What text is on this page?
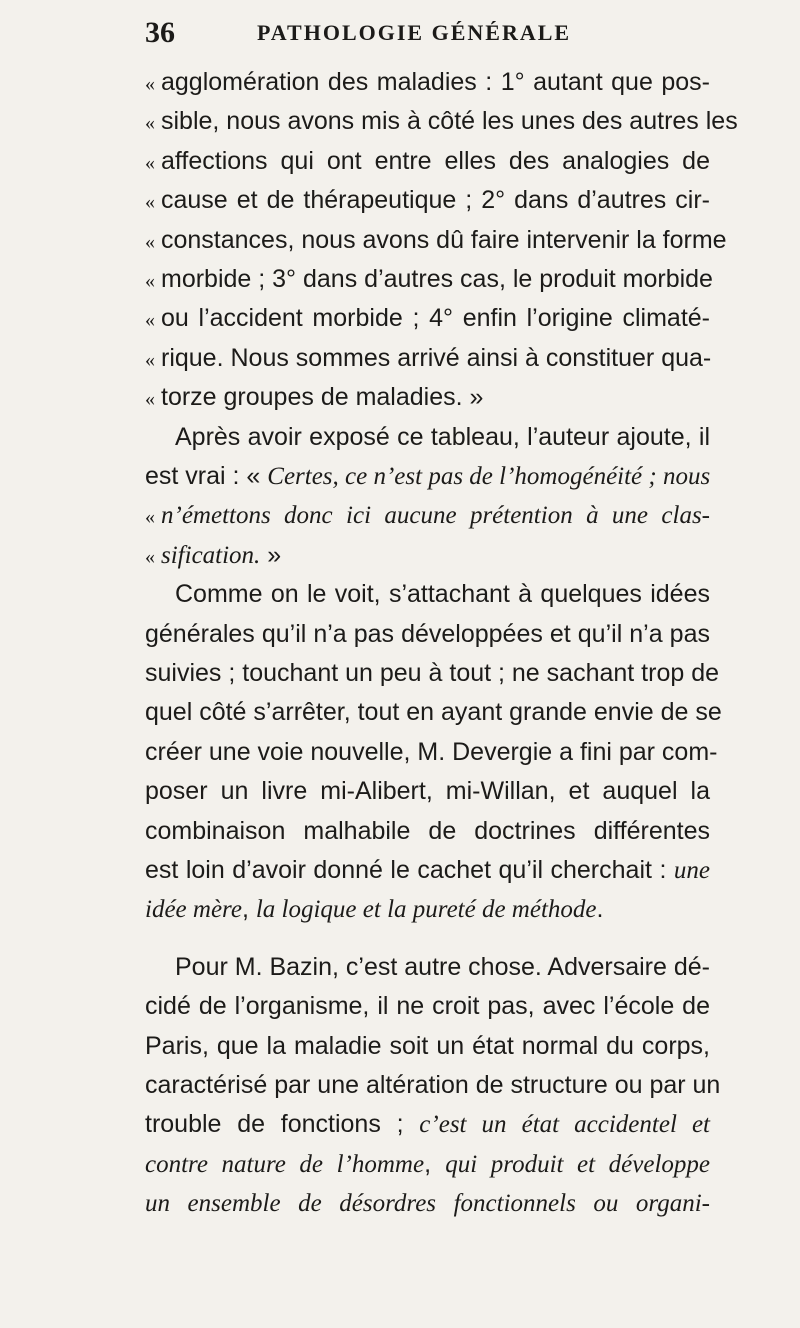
36	PATHOLOGIE GÉNÉRALE
« agglomération des maladies : 1° autant que pos-
« sible, nous avons mis à côté les unes des autres les
« affections qui ont entre elles des analogies de
« cause et de thérapeutique ; 2° dans d’autres cir-
« constances, nous avons dû faire intervenir la forme
« morbide ; 3° dans d’autres cas, le produit morbide
« ou l’accident morbide ; 4° enfin l’origine climaté-
« rique. Nous sommes arrivé ainsi à constituer qua-
« torze groupes de maladies. »
Après avoir exposé ce tableau, l’auteur ajoute, il
est vrai : « Certes, ce n’est pas de l’homogénéité ; nous
« n’émettons donc ici aucune prétention à une clas-
« sification. »
Comme on le voit, s’attachant à quelques idées
générales qu’il n’a pas développées et qu’il n’a pas
suivies ; touchant un peu à tout ; ne sachant trop de
quel côté s’arrêter, tout en ayant grande envie de se
créer une voie nouvelle, M. Devergie a fini par com-
poser un livre mi-Alibert, mi-Willan, et auquel la
combinaison malhabile de doctrines différentes
est loin d’avoir donné le cachet qu’il cherchait : une
idée mère, la logique et la pureté de méthode.
Pour M. Bazin, c’est autre chose. Adversaire dé-
cidé de l’organisme, il ne croit pas, avec l’école de
Paris, que la maladie soit un état normal du corps,
caractérisé par une altération de structure ou par un
trouble de fonctions ; c’est un état accidentel et
contre nature de l’homme, qui produit et développe
un ensemble de désordres fonctionnels ou organi-
